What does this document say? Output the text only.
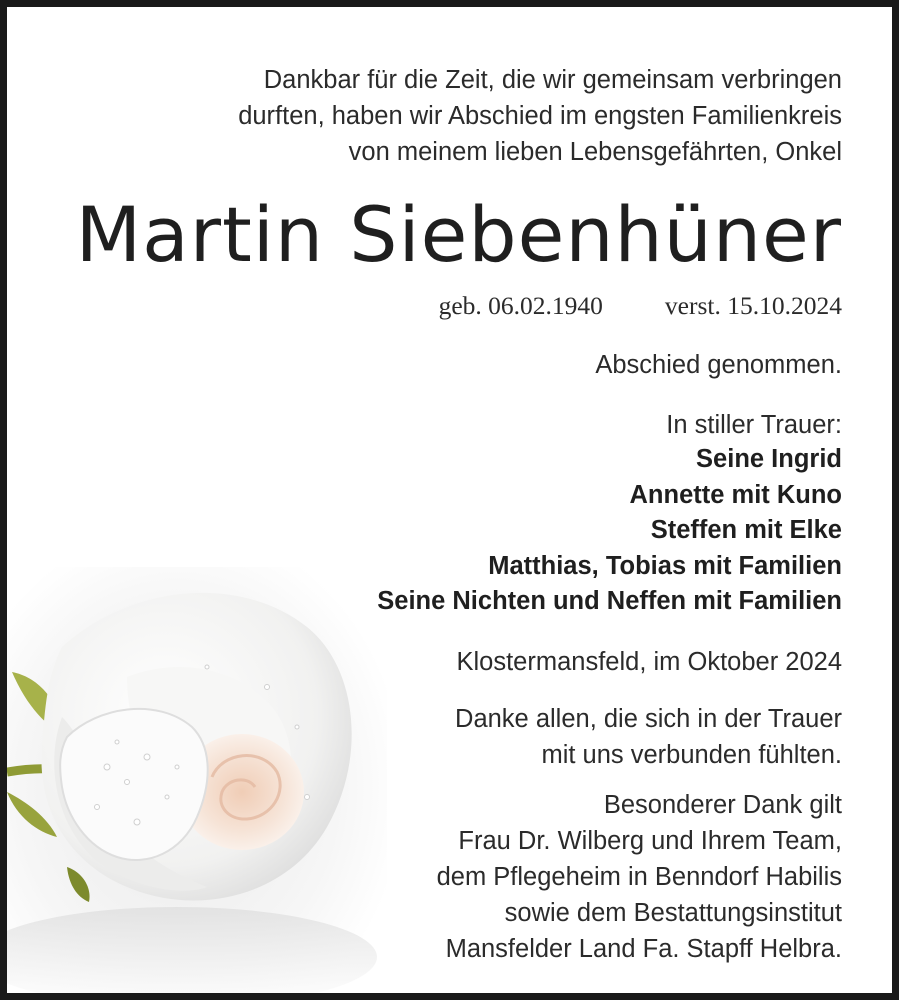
Dankbar für die Zeit, die wir gemeinsam verbringen
durften, haben wir Abschied im engsten Familienkreis
von meinem lieben Lebensgefährten, Onkel
Martin Siebenhüner
geb. 06.02.1940 verst. 15.10.2024
Abschied genommen.
In stiller Trauer:
Seine Ingrid
Annette mit Kuno
Steffen mit Elke
Matthias, Tobias mit Familien
Seine Nichten und Neffen mit Familien
Klostermansfeld, im Oktober 2024
Danke allen, die sich in der Trauer
mit uns verbunden fühlten.
Besonderer Dank gilt
Frau Dr. Wilberg und Ihrem Team,
dem Pflegeheim in Benndorf Habilis
sowie dem Bestattungsinstitut
Mansfelder Land Fa. Stapff Helbra.
